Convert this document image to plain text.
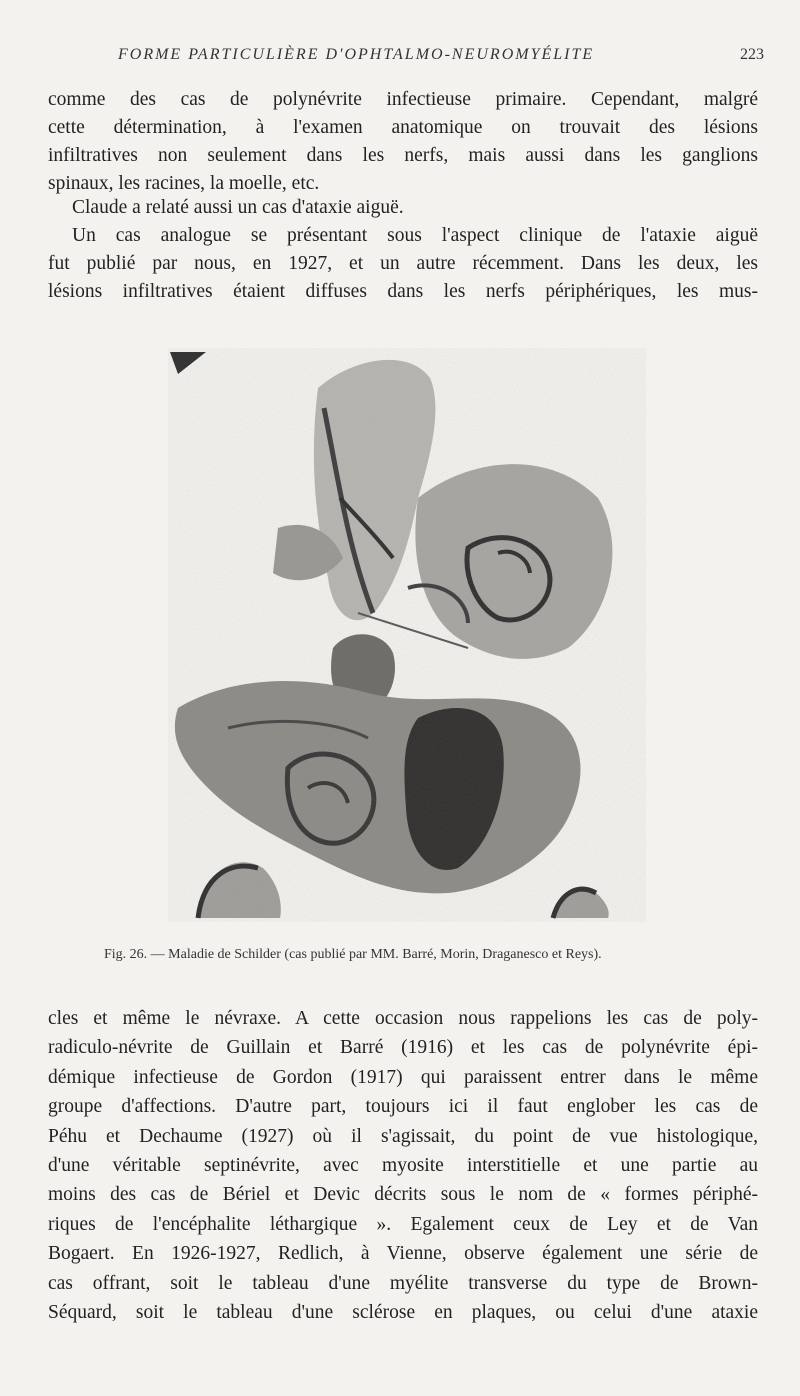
FORME PARTICULIÈRE D'OPHTALMO-NEUROMYÉLITE	223
comme des cas de polynévrite infectieuse primaire. Cependant, malgré
cette détermination, à l'examen anatomique on trouvait des lésions
infiltratives non seulement dans les nerfs, mais aussi dans les ganglions
spinaux, les racines, la moelle, etc.
Claude a relaté aussi un cas d'ataxie aiguë.
Un cas analogue se présentant sous l'aspect clinique de l'ataxie aiguë
fut publié par nous, en 1927, et un autre récemment. Dans les deux, les
lésions infiltratives étaient diffuses dans les nerfs périphériques, les mus-
Fig. 26. — Maladie de Schilder (cas publié par MM. Barré, Morin, Draganesco et Reys).
cles et même le névraxe. A cette occasion nous rappelions les cas de poly-
radiculo-névrite de Guillain et Barré (1916) et les cas de polynévrite épi-
démique infectieuse de Gordon (1917) qui paraissent entrer dans le même
groupe d'affections. D'autre part, toujours ici il faut englober les cas de
Péhu et Dechaume (1927) où il s'agissait, du point de vue histologique,
d'une véritable septinévrite, avec myosite interstitielle et une partie au
moins des cas de Bériel et Devic décrits sous le nom de « formes périphé-
riques de l'encéphalite léthargique ». Egalement ceux de Ley et de Van
Bogaert. En 1926-1927, Redlich, à Vienne, observe également une série de
cas offrant, soit le tableau d'une myélite transverse du type de Brown-
Séquard, soit le tableau d'une sclérose en plaques, ou celui d'une ataxie
